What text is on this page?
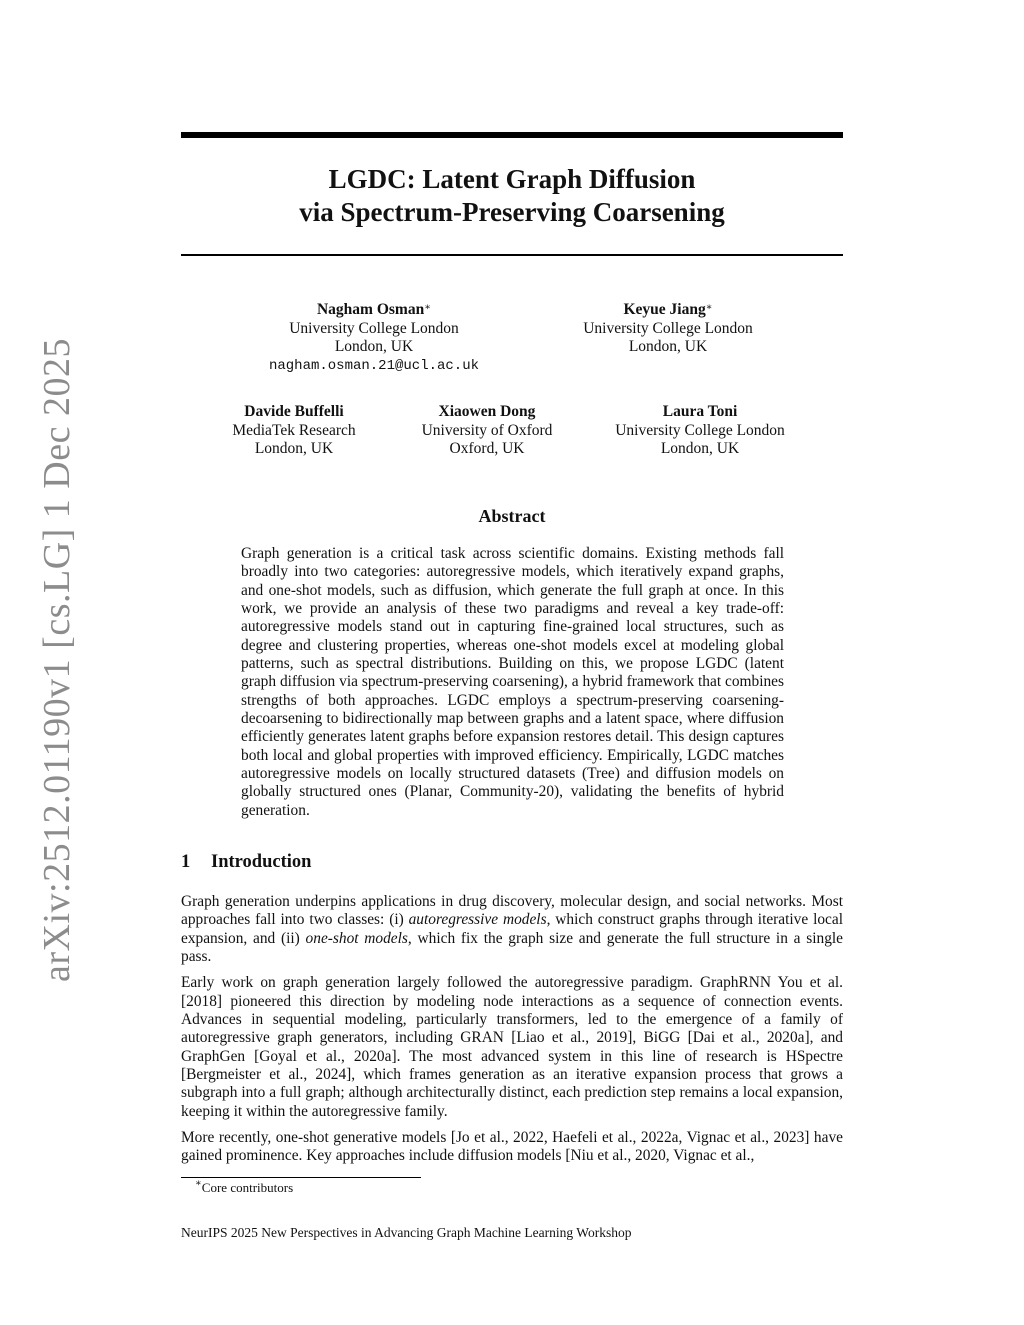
arXiv:2512.01190v1 [cs.LG] 1 Dec 2025
LGDC: Latent Graph Diffusion
via Spectrum-Preserving Coarsening
Nagham Osman∗
University College London
London, UK
nagham.osman.21@ucl.ac.uk
Keyue Jiang∗
University College London
London, UK
Davide Buffelli
MediaTek Research
London, UK
Xiaowen Dong
University of Oxford
Oxford, UK
Laura Toni
University College London
London, UK
Abstract
Graph generation is a critical task across scientific domains. Existing methods fall broadly into two categories: autoregressive models, which iteratively expand graphs, and one-shot models, such as diffusion, which generate the full graph at once. In this work, we provide an analysis of these two paradigms and reveal a key trade-off: autoregressive models stand out in capturing fine-grained local structures, such as degree and clustering properties, whereas one-shot models excel at modeling global patterns, such as spectral distributions. Building on this, we propose LGDC (latent graph diffusion via spectrum-preserving coarsening), a hybrid framework that combines strengths of both approaches. LGDC employs a spectrum-preserving coarsening-decoarsening to bidirectionally map between graphs and a latent space, where diffusion efficiently generates latent graphs before expansion restores detail. This design captures both local and global properties with improved efficiency. Empirically, LGDC matches autoregressive models on locally structured datasets (Tree) and diffusion models on globally structured ones (Planar, Community-20), validating the benefits of hybrid generation.
1 Introduction

Graph generation underpins applications in drug discovery, molecular design, and social networks. Most approaches fall into two classes: (i) autoregressive models, which construct graphs through iterative local expansion, and (ii) one-shot models, which fix the graph size and generate the full structure in a single pass.

Early work on graph generation largely followed the autoregressive paradigm. GraphRNN You et al. [2018] pioneered this direction by modeling node interactions as a sequence of connection events. Advances in sequential modeling, particularly transformers, led to the emergence of a family of autoregressive graph generators, including GRAN [Liao et al., 2019], BiGG [Dai et al., 2020a], and GraphGen [Goyal et al., 2020a]. The most advanced system in this line of research is HSpectre [Bergmeister et al., 2024], which frames generation as an iterative expansion process that grows a subgraph into a full graph; although architecturally distinct, each prediction step remains a local expansion, keeping it within the autoregressive family.

More recently, one-shot generative models [Jo et al., 2022, Haefeli et al., 2022a, Vignac et al., 2023] have gained prominence. Key approaches include diffusion models [Niu et al., 2020, Vignac et al.,

∗Core contributors
NeurIPS 2025 New Perspectives in Advancing Graph Machine Learning Workshop
